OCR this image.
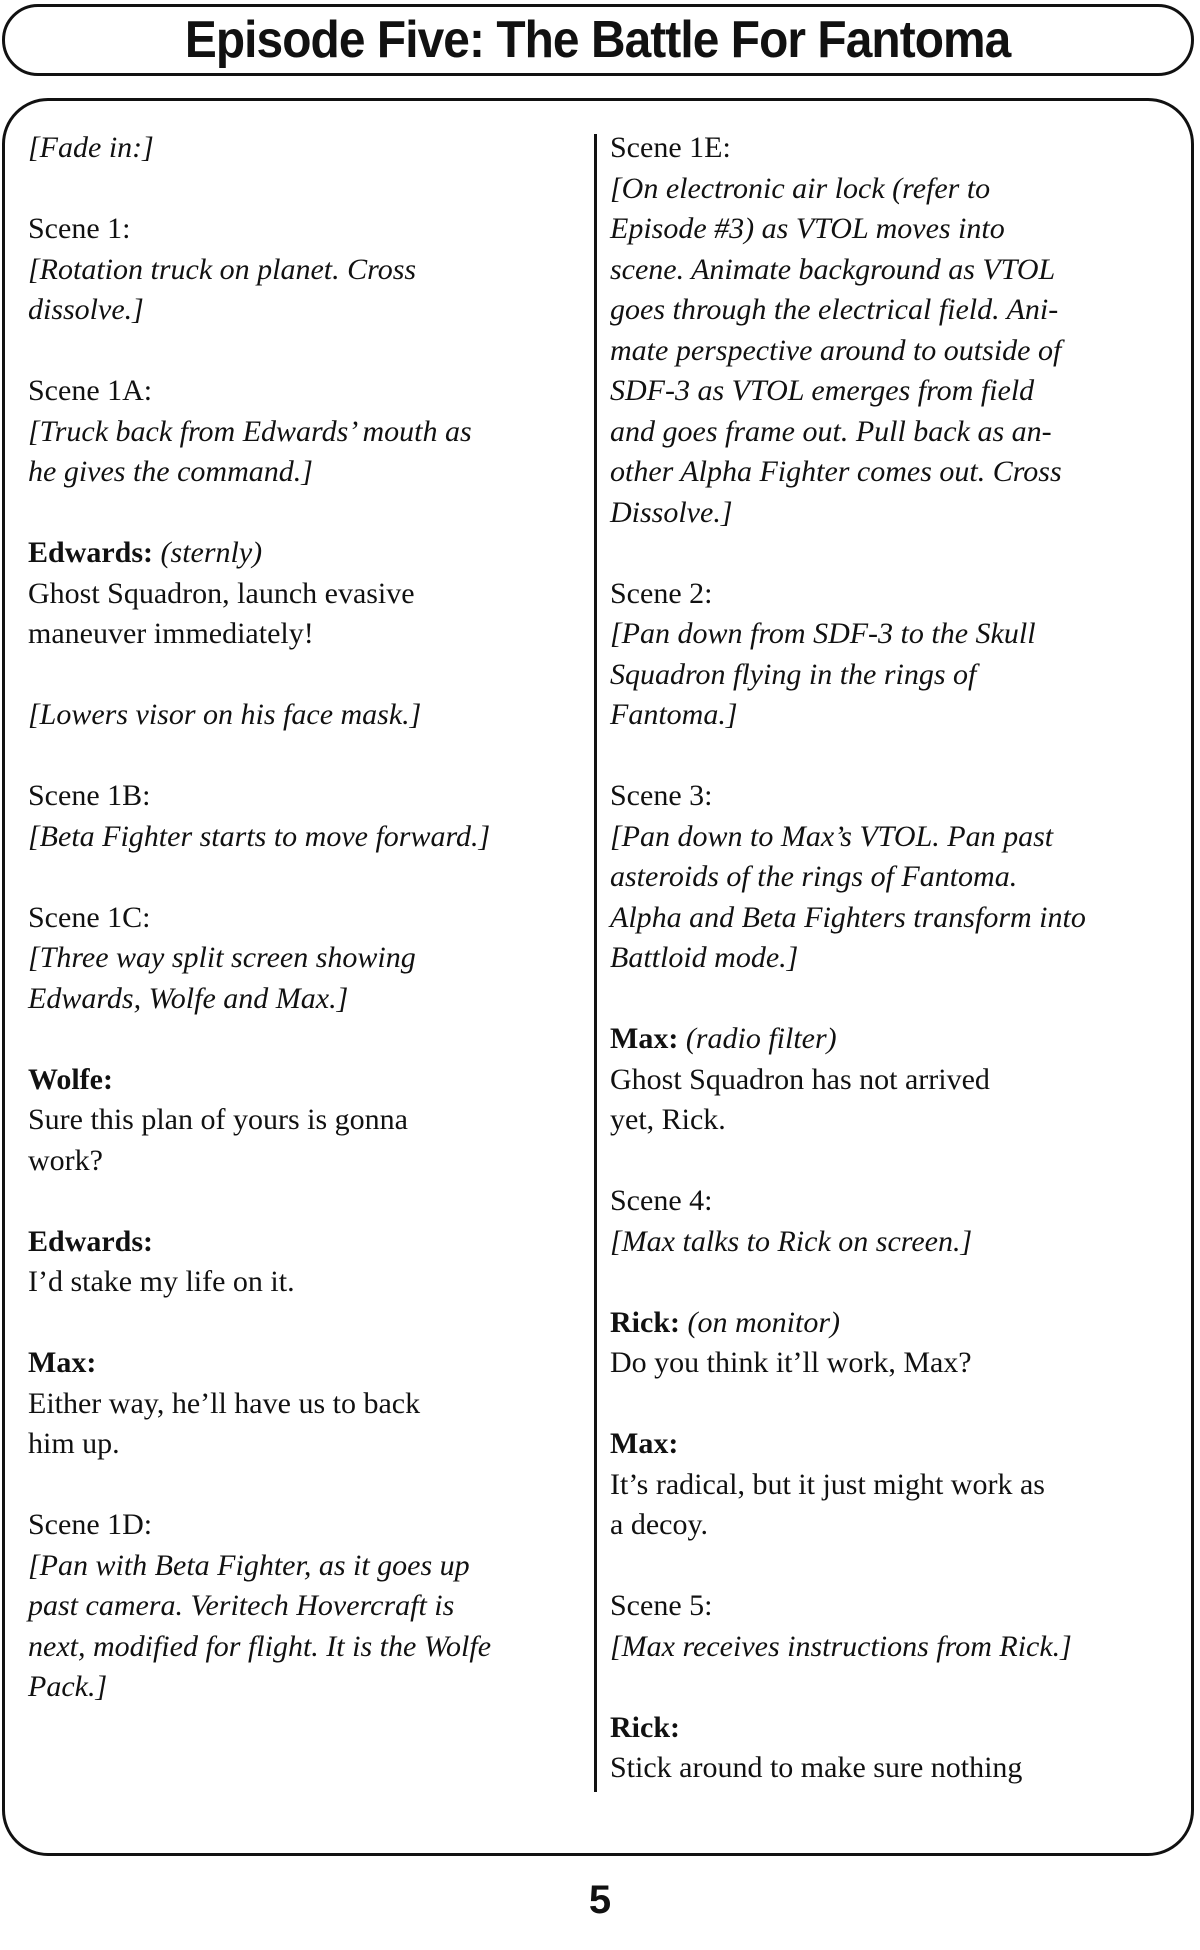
Episode Five: The Battle For Fantoma
[Fade in:]
Scene 1:
[Rotation truck on planet. Cross
dissolve.]
Scene 1A:
[Truck back from Edwards’ mouth as
he gives the command.]
Edwards: (sternly)
Ghost Squadron, launch evasive
maneuver immediately!
[Lowers visor on his face mask.]
Scene 1B:
[Beta Fighter starts to move forward.]
Scene 1C:
[Three way split screen showing
Edwards, Wolfe and Max.]
Wolfe:
Sure this plan of yours is gonna
work?
Edwards:
I’d stake my life on it.
Max:
Either way, he’ll have us to back
him up.
Scene 1D:
[Pan with Beta Fighter, as it goes up
past camera. Veritech Hovercraft is
next, modified for flight. It is the Wolfe
Pack.]
Scene 1E:
[On electronic air lock (refer to
Episode #3) as VTOL moves into
scene. Animate background as VTOL
goes through the electrical field. Ani-
mate perspective around to outside of
SDF-3 as VTOL emerges from field
and goes frame out. Pull back as an-
other Alpha Fighter comes out. Cross
Dissolve.]
Scene 2:
[Pan down from SDF-3 to the Skull
Squadron flying in the rings of
Fantoma.]
Scene 3:
[Pan down to Max’s VTOL. Pan past
asteroids of the rings of Fantoma.
Alpha and Beta Fighters transform into
Battloid mode.]
Max: (radio filter)
Ghost Squadron has not arrived
yet, Rick.
Scene 4:
[Max talks to Rick on screen.]
Rick: (on monitor)
Do you think it’ll work, Max?
Max:
It’s radical, but it just might work as
a decoy.
Scene 5:
[Max receives instructions from Rick.]
Rick:
Stick around to make sure nothing
5
